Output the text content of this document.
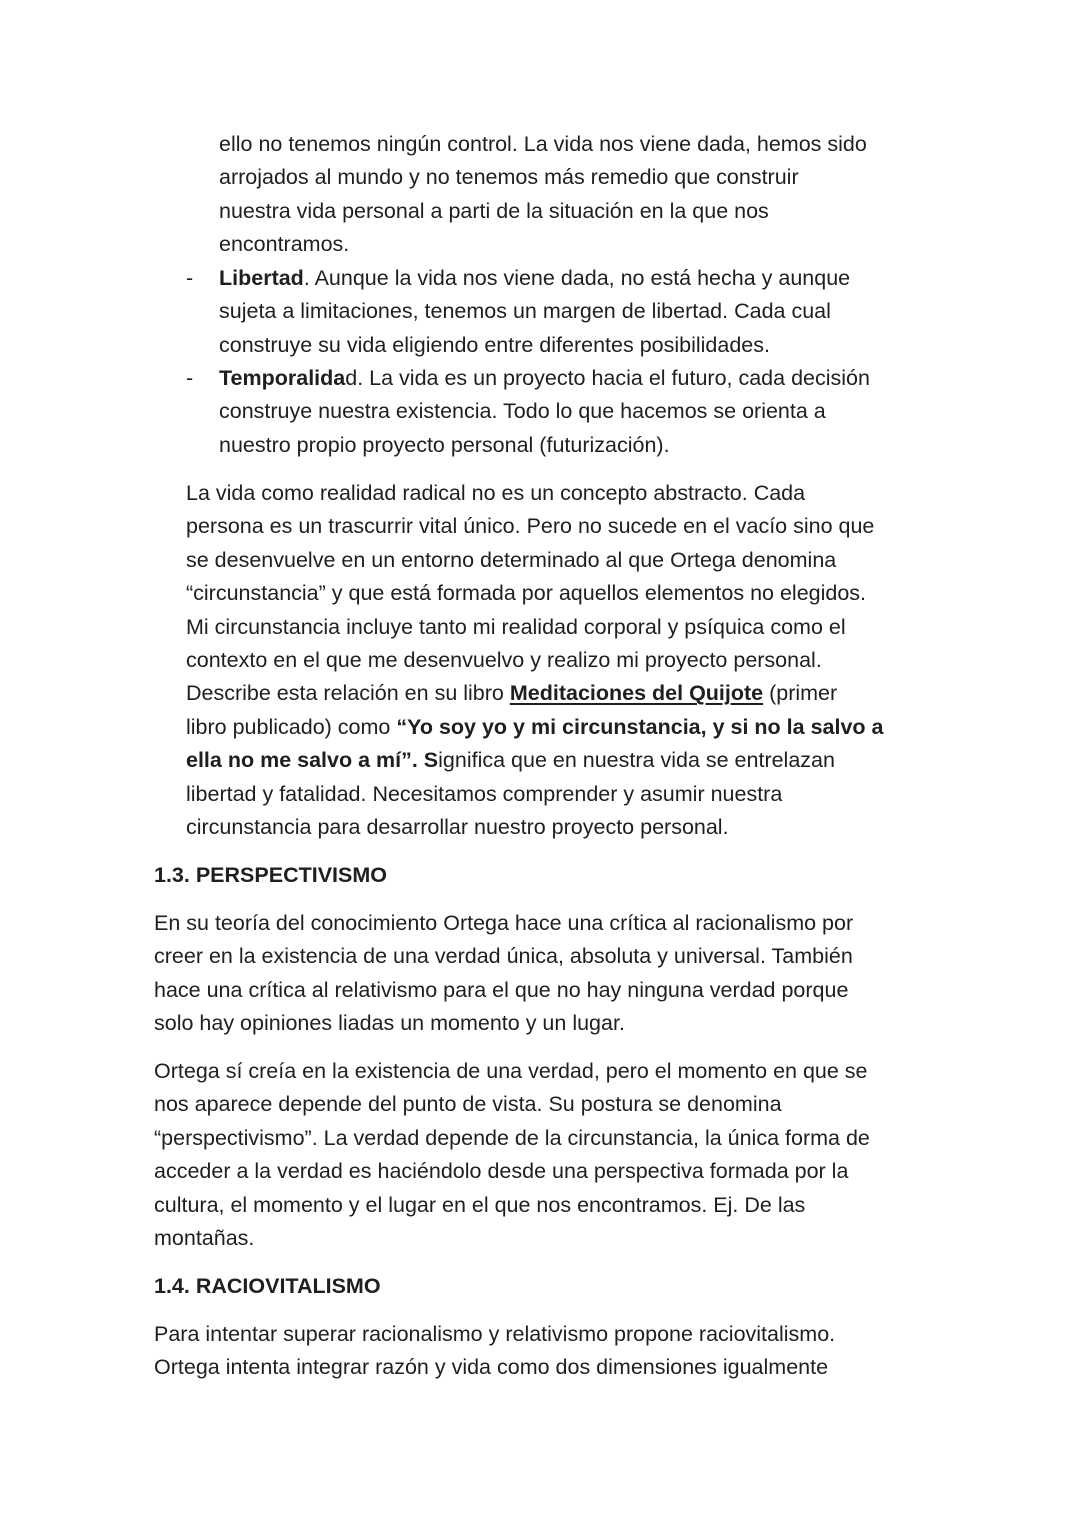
ello no tenemos ningún control. La vida nos viene dada, hemos sido
arrojados al mundo y no tenemos más remedio que construir
nuestra vida personal a parti de la situación en la que nos
encontramos.
-	Libertad. Aunque la vida nos viene dada, no está hecha y aunque
sujeta a limitaciones, tenemos un margen de libertad. Cada cual
construye su vida eligiendo entre diferentes posibilidades.
-	Temporalidad. La vida es un proyecto hacia el futuro, cada decisión
construye nuestra existencia. Todo lo que hacemos se orienta a
nuestro propio proyecto personal (futurización).
La vida como realidad radical no es un concepto abstracto. Cada
persona es un trascurrir vital único. Pero no sucede en el vacío sino que
se desenvuelve en un entorno determinado al que Ortega denomina
“circunstancia” y que está formada por aquellos elementos no elegidos.
Mi circunstancia incluye tanto mi realidad corporal y psíquica como el
contexto en el que me desenvuelvo y realizo mi proyecto personal.
Describe esta relación en su libro Meditaciones del Quijote (primer
libro publicado) como “Yo soy yo y mi circunstancia, y si no la salvo a
ella no me salvo a mí”. Significa que en nuestra vida se entrelazan
libertad y fatalidad. Necesitamos comprender y asumir nuestra
circunstancia para desarrollar nuestro proyecto personal.
1.3. PERSPECTIVISMO
En su teoría del conocimiento Ortega hace una crítica al racionalismo por
creer en la existencia de una verdad única, absoluta y universal. También
hace una crítica al relativismo para el que no hay ninguna verdad porque
solo hay opiniones liadas un momento y un lugar.
Ortega sí creía en la existencia de una verdad, pero el momento en que se
nos aparece depende del punto de vista. Su postura se denomina
“perspectivismo”. La verdad depende de la circunstancia, la única forma de
acceder a la verdad es haciéndolo desde una perspectiva formada por la
cultura, el momento y el lugar en el que nos encontramos. Ej. De las
montañas.
1.4. RACIOVITALISMO
Para intentar superar racionalismo y relativismo propone raciovitalismo.
Ortega intenta integrar razón y vida como dos dimensiones igualmente
